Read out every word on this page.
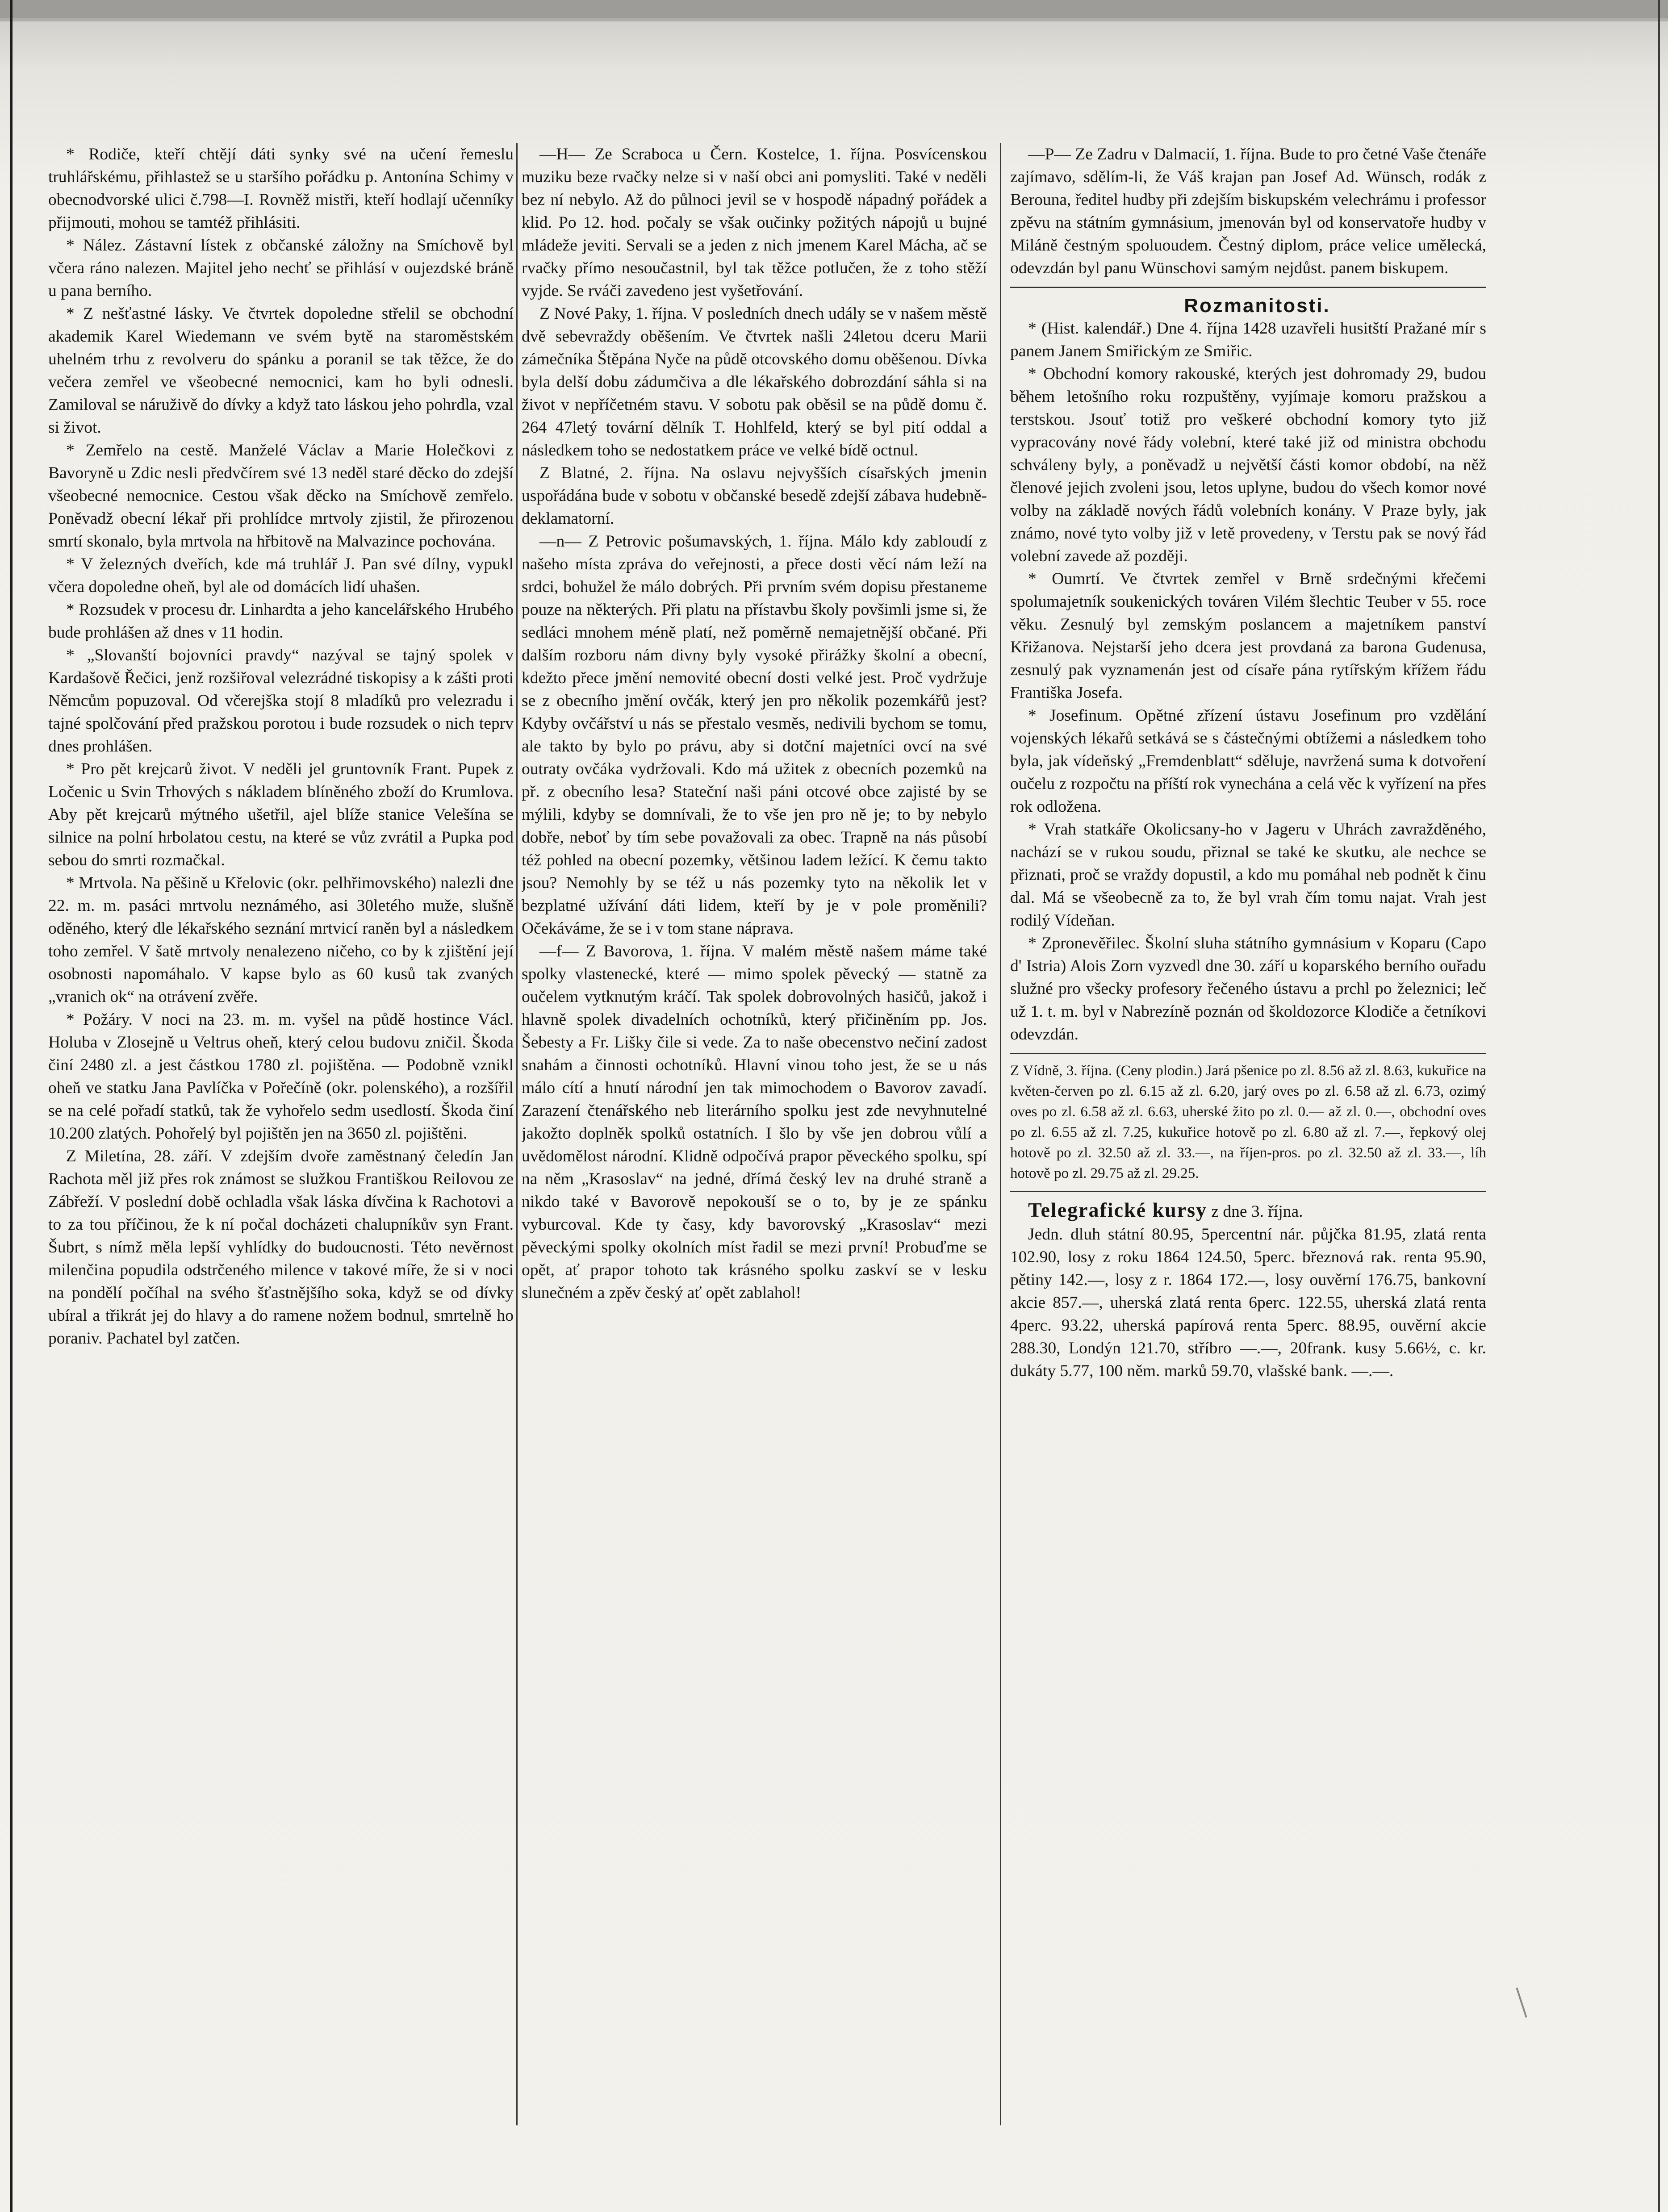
* Rodiče, kteří chtějí dáti synky své na učení řemeslu truhlářskému, přihlastež se u staršího pořádku p. Antonína Schimy v obecnodvorské ulici č.798—I. Rovněž mistři, kteří hodlají učenníky přijmouti, mohou se tamtéž přihlásiti.

* Nález. Zástavní lístek z občanské záložny na Smíchově byl včera ráno nalezen. Majitel jeho nechť se přihlásí v oujezdské bráně u pana berního.

* Z nešťastné lásky. Ve čtvrtek dopoledne střelil se obchodní akademik Karel Wiedemann ve svém bytě na staroměstském uhelném trhu z revolveru do spánku a poranil se tak těžce, že do večera zemřel ve všeobecné nemocnici, kam ho byli odnesli. Zamiloval se náruživě do dívky a když tato láskou jeho pohrdla, vzal si život.

* Zemřelo na cestě. Manželé Václav a Marie Holečkovi z Bavoryně u Zdic nesli předvčírem své 13 neděl staré děcko do zdejší všeobecné nemocnice. Cestou však děcko na Smíchově zemřelo. Poněvadž obecní lékař při prohlídce mrtvoly zjistil, že přirozenou smrtí skonalo, byla mrtvola na hřbitově na Malvazince pochována.

* V železných dveřích, kde má truhlář J. Pan své dílny, vypukl včera dopoledne oheň, byl ale od domácích lidí uhašen.

* Rozsudek v procesu dr. Linhardta a jeho kancelářského Hrubého bude prohlášen až dnes v 11 hodin.

* „Slovanští bojovníci pravdy“ nazýval se tajný spolek v Kardašově Řečici, jenž rozšiřoval velezrádné tiskopisy a k zášti proti Němcům popuzoval. Od včerejška stojí 8 mladíků pro velezradu i tajné spolčování před pražskou porotou i bude rozsudek o nich teprv dnes prohlášen.

* Pro pět krejcarů život. V neděli jel gruntovník Frant. Pupek z Ločenic u Svin Trhových s nákladem blíněného zboží do Krumlova. Aby pět krejcarů mýtného ušetřil, ajel blíže stanice Velešína se silnice na polní hrbolatou cestu, na které se vůz zvrátil a Pupka pod sebou do smrti rozmačkal.

* Mrtvola. Na pěšině u Křelovic (okr. pelhřimovského) nalezli dne 22. m. m. pasáci mrtvolu neznámého, asi 30letého muže, slušně oděného, který dle lékařského seznání mrtvicí raněn byl a následkem toho zemřel. V šatě mrtvoly nenalezeno ničeho, co by k zjištění její osobnosti napomáhalo. V kapse bylo as 60 kusů tak zvaných „vranich ok“ na otrávení zvěře.

* Požáry. V noci na 23. m. m. vyšel na půdě hostince Václ. Holuba v Zlosejně u Veltrus oheň, který celou budovu zničil. Škoda činí 2480 zl. a jest částkou 1780 zl. pojištěna. — Podobně vznikl oheň ve statku Jana Pavlíčka v Pořečíně (okr. polenského), a rozšířil se na celé pořadí statků, tak že vyhořelo sedm usedlostí. Škoda činí 10.200 zlatých. Pohořelý byl pojištěn jen na 3650 zl. pojištěni.

Z Miletína, 28. září. V zdejším dvoře zaměstnaný čeledín Jan Rachota měl již přes rok známost se služkou Františkou Reilovou ze Zábřeží. V poslední době ochladla však láska dívčina k Rachotovi a to za tou příčinou, že k ní počal docházeti chalupníkův syn Frant. Šubrt, s nímž měla lepší vyhlídky do budoucnosti. Této nevěrnost milenčina popudila odstrčeného milence v takové míře, že si v noci na pondělí počíhal na svého šťastnějšího soka, když se od dívky ubíral a třikrát jej do hlavy a do ramene nožem bodnul, smrtelně ho poraniv. Pachatel byl zatčen.

—H— Ze Scraboca u Čern. Kostelce, 1. října. Posvícenskou muziku beze rvačky nelze si v naší obci ani pomysliti. Také v neděli bez ní nebylo. Až do půlnoci jevil se v hospodě nápadný pořádek a klid. Po 12. hod. počaly se však oučinky požitých nápojů u bujné mládeže jeviti. Servali se a jeden z nich jmenem Karel Mácha, ač se rvačky přímo nesoučastnil, byl tak těžce potlučen, že z toho stěží vyjde. Se rváči zavedeno jest vyšetřování.

Z Nové Paky, 1. října. V posledních dnech udály se v našem městě dvě sebevraždy oběšením. Ve čtvrtek našli 24letou dceru Marii zámečníka Štěpána Nyče na půdě otcovského domu oběšenou. Dívka byla delší dobu zádumčiva a dle lékařského dobrozdání sáhla si na život v nepříčetném stavu. V sobotu pak oběsil se na půdě domu č. 264 47letý tovární dělník T. Hohlfeld, který se byl pití oddal a následkem toho se nedostatkem práce ve velké bídě octnul.

Z Blatné, 2. října. Na oslavu nejvyšších císařských jmenin uspořádána bude v sobotu v občanské besedě zdejší zábava hudebně-deklamatorní.

—n— Z Petrovic pošumavských, 1. října. Málo kdy zabloudí z našeho místa zpráva do veřejnosti, a přece dosti věcí nám leží na srdci, bohužel že málo dobrých. Při prvním svém dopisu přestaneme pouze na některých. Při platu na přístavbu školy povšimli jsme si, že sedláci mnohem méně platí, než poměrně nemajetnější občané. Při dalším rozboru nám divny byly vysoké přirážky školní a obecní, kdežto přece jmění nemovité obecní dosti velké jest. Proč vydržuje se z obecního jmění ovčák, který jen pro několik pozemkářů jest? Kdyby ovčářství u nás se přestalo vesměs, nedivili bychom se tomu, ale takto by bylo po právu, aby si dotční majetníci ovcí na své outraty ovčáka vydržovali. Kdo má užitek z obecních pozemků na př. z obecního lesa? Stateční naši páni otcové obce zajisté by se mýlili, kdyby se domnívali, že to vše jen pro ně je; to by nebylo dobře, neboť by tím sebe považovali za obec. Trapně na nás působí též pohled na obecní pozemky, většinou ladem ležící. K čemu takto jsou? Nemohly by se též u nás pozemky tyto na několik let v bezplatné užívání dáti lidem, kteří by je v pole proměnili? Očekáváme, že se i v tom stane náprava.

—f— Z Bavorova, 1. října. V malém městě našem máme také spolky vlastenecké, které — mimo spolek pěvecký — statně za oučelem vytknutým kráčí. Tak spolek dobrovolných hasičů, jakož i hlavně spolek divadelních ochotníků, který přičiněním pp. Jos. Šebesty a Fr. Lišky čile si vede. Za to naše obecenstvo nečiní zadost snahám a činnosti ochotníků. Hlavní vinou toho jest, že se u nás málo cítí a hnutí národní jen tak mimochodem o Bavorov zavadí. Zarazení čtenářského neb literárního spolku jest zde nevyhnutelné jakožto doplněk spolků ostatních. I šlo by vše jen dobrou vůlí a uvědomělost národní. Klidně odpočívá prapor pěveckého spolku, spí na něm „Krasoslav“ na jedné, dřímá český lev na druhé straně a nikdo také v Bavorově nepokouší se o to, by je ze spánku vyburcoval. Kde ty časy, kdy bavorovský „Krasoslav“ mezi pěveckými spolky okolních míst řadil se mezi první! Probuďme se opět, ať prapor tohoto tak krásného spolku zaskví se v lesku slunečném a zpěv český ať opět zablahol!

—P— Ze Zadru v Dalmacií, 1. října. Bude to pro četné Vaše čtenáře zajímavo, sdělím-li, že Váš krajan pan Josef Ad. Wünsch, rodák z Berouna, ředitel hudby při zdejším biskupském velechrámu i professor zpěvu na státním gymnásium, jmenován byl od konservatoře hudby v Miláně čestným spoluoudem. Čestný diplom, práce velice umělecká, odevzdán byl panu Wünschovi samým nejdůst. panem biskupem.

Rozmanitosti.

* (Hist. kalendář.) Dne 4. října 1428 uzavřeli husitští Pražané mír s panem Janem Smiřickým ze Smiřic.

* Obchodní komory rakouské, kterých jest dohromady 29, budou během letošního roku rozpuštěny, vyjímaje komoru pražskou a terstskou. Jsouť totiž pro veškeré obchodní komory tyto již vypracovány nové řády volební, které také již od ministra obchodu schváleny byly, a poněvadž u největší části komor období, na něž členové jejich zvoleni jsou, letos uplyne, budou do všech komor nové volby na základě nových řádů volebních konány. V Praze byly, jak známo, nové tyto volby již v letě provedeny, v Terstu pak se nový řád volební zavede až později.

* Oumrtí. Ve čtvrtek zemřel v Brně srdečnými křečemi spolumajetník soukenických továren Vilém šlechtic Teuber v 55. roce věku. Zesnulý byl zemským poslancem a majetníkem panství Křižanova. Nejstarší jeho dcera jest provdaná za barona Gudenusa, zesnulý pak vyznamenán jest od císaře pána rytířským křížem řádu Františka Josefa.

* Josefinum. Opětné zřízení ústavu Josefinum pro vzdělání vojenských lékařů setkává se s částečnými obtížemi a následkem toho byla, jak vídeňský „Fremdenblatt“ sděluje, navržená suma k dotvoření oučelu z rozpočtu na příští rok vynechána a celá věc k vyřízení na přes rok odložena.

* Vrah statkáře Okolicsany-ho v Jageru v Uhrách zavražděného, nachází se v rukou soudu, přiznal se také ke skutku, ale nechce se přiznati, proč se vraždy dopustil, a kdo mu pomáhal neb podnět k činu dal. Má se všeobecně za to, že byl vrah čím tomu najat. Vrah jest rodilý Vídeňan.

* Zpronevěřilec. Školní sluha státního gymnásium v Koparu (Capo d' Istria) Alois Zorn vyzvedl dne 30. září u koparského berního ouřadu služné pro všecky profesory řečeného ústavu a prchl po železnici; leč už 1. t. m. byl v Nabrezíně poznán od školdozorce Klodiče a četníkovi odevzdán.

Z Vídně, 3. října. (Ceny plodin.) Jará pšenice po zl. 8.56 až zl. 8.63, kukuřice na květen-červen po zl. 6.15 až zl. 6.20, jarý oves po zl. 6.58 až zl. 6.73, ozimý oves po zl. 6.58 až zl. 6.63, uherské žito po zl. 0.— až zl. 0.—, obchodní oves po zl. 6.55 až zl. 7.25, kukuřice hotově po zl. 6.80 až zl. 7.—, řepkový olej hotově po zl. 32.50 až zl. 33.—, na říjen-pros. po zl. 32.50 až zl. 33.—, líh hotově po zl. 29.75 až zl. 29.25.

Telegrafické kursy z dne 3. října.

Jedn. dluh státní 80.95, 5percentní nár. půjčka 81.95, zlatá renta 102.90, losy z roku 1864 124.50, 5perc. březnová rak. renta 95.90, pětiny 142.—, losy z r. 1864 172.—, losy ouvěrní 176.75, bankovní akcie 857.—, uherská zlatá renta 6perc. 122.55, uherská zlatá renta 4perc. 93.22, uherská papírová renta 5perc. 88.95, ouvěrní akcie 288.30, Londýn 121.70, stříbro —.—, 20frank. kusy 5.66½, c. kr. dukáty 5.77, 100 něm. marků 59.70, vlašské bank. —.—.
